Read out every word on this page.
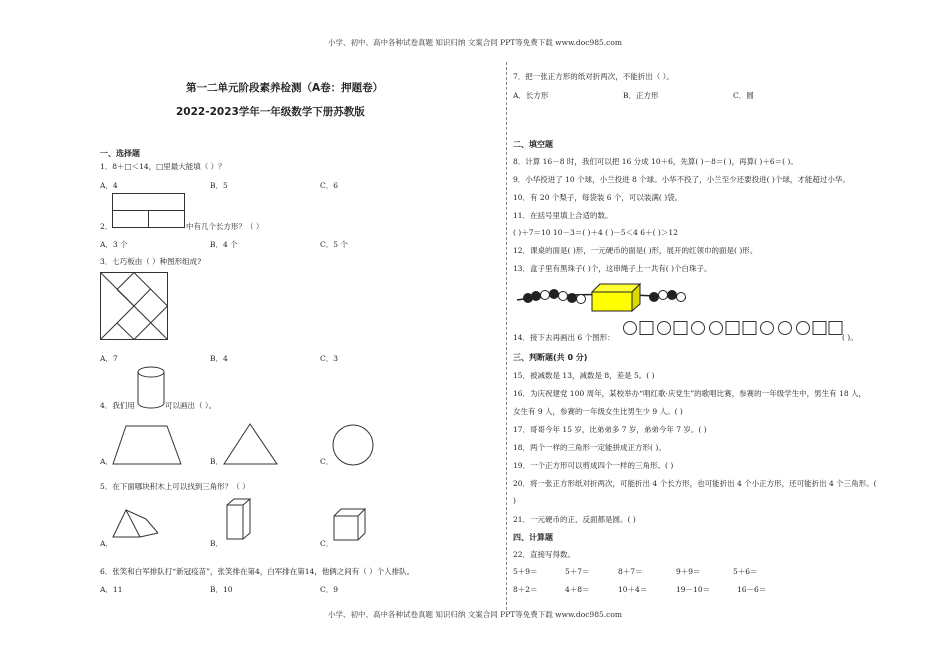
小学、初中、高中各种试卷真题 知识归纳 文案合同 PPT等免费下载 www.doc985.com
小学、初中、高中各种试卷真题 知识归纳 文案合同 PPT等免费下载 www.doc985.com
第一二单元阶段素养检测（A卷：押题卷）
2022-2023学年一年级数学下册苏教版
一、选择题
1．8＋□＜14，□里最大能填（ ）？
A．4	B．5	C．6
2．	中有几个长方形？（ ）
A．3 个	B．4 个	C．5 个
3．七巧板由（ ）种图形组成?
A．7	B．4	C．3
4．我们用	可以画出（ ）。
A．	B．	C．
5．在下面哪块积木上可以找到三角形？（ ）
A．	B．	C．
6．张笑和白军排队打“新冠疫苗”，张笑排在第4，白军排在第14，他俩之间有（ ）个人排队。
A．11	B．10	C．9
7．把一张正方形的纸对折两次，不能折出（ ）。
A．长方形	B．正方形	C．圆
二、填空题
8．计算 16－8 时，我们可以把 16 分成 10＋6，先算( )－8＝( )，再算( )＋6＝( )。
9．小华投进了 10 个球，小兰投进 8 个球。小华不投了，小兰至少还要投进( )个球，才能超过小华。
10．有 20 个梨子，每袋装 6 个，可以装满( )袋。
11．在括号里填上合适的数。
( )＋7＝10 10－3＝( )＋4 ( )－5＜4 6＋( )＞12
12．课桌的面是( )形，一元硬币的面是( )形，展开的红领巾的面是( )形。
13．盒子里有黑珠子( )个，这串绳子上一共有( )个白珠子。
14．接下去再画出 6 个图形：	( )。
三、判断题(共 0 分)
15．被减数是 13，减数是 8，差是 5。( )
16．为庆祝建党 100 周年，某校举办“唱红歌·庆党生”的歌唱比赛，参赛的一年级学生中，男生有 18 人，
女生有 9 人，参赛的一年级女生比男生少 9 人。( )
17．哥哥今年 15 岁，比弟弟多 7 岁，弟弟今年 7 岁。( )
18．两个一样的三角形一定能拼成正方形( )。
19．一个正方形可以剪成四个一样的三角形。( )
20．将一张正方形纸对折两次，可能折出 4 个长方形，也可能折出 4 个小正方形，还可能折出 4 个三角形。(
)
21．一元硬币的正、反面都是圆。( )
四、计算题
22．直接写得数。
5＋9＝	5＋7＝	8＋7＝	9＋9＝	5＋6＝
8＋2＝	4＋8＝	10＋4＝	19－10＝	16－6＝
